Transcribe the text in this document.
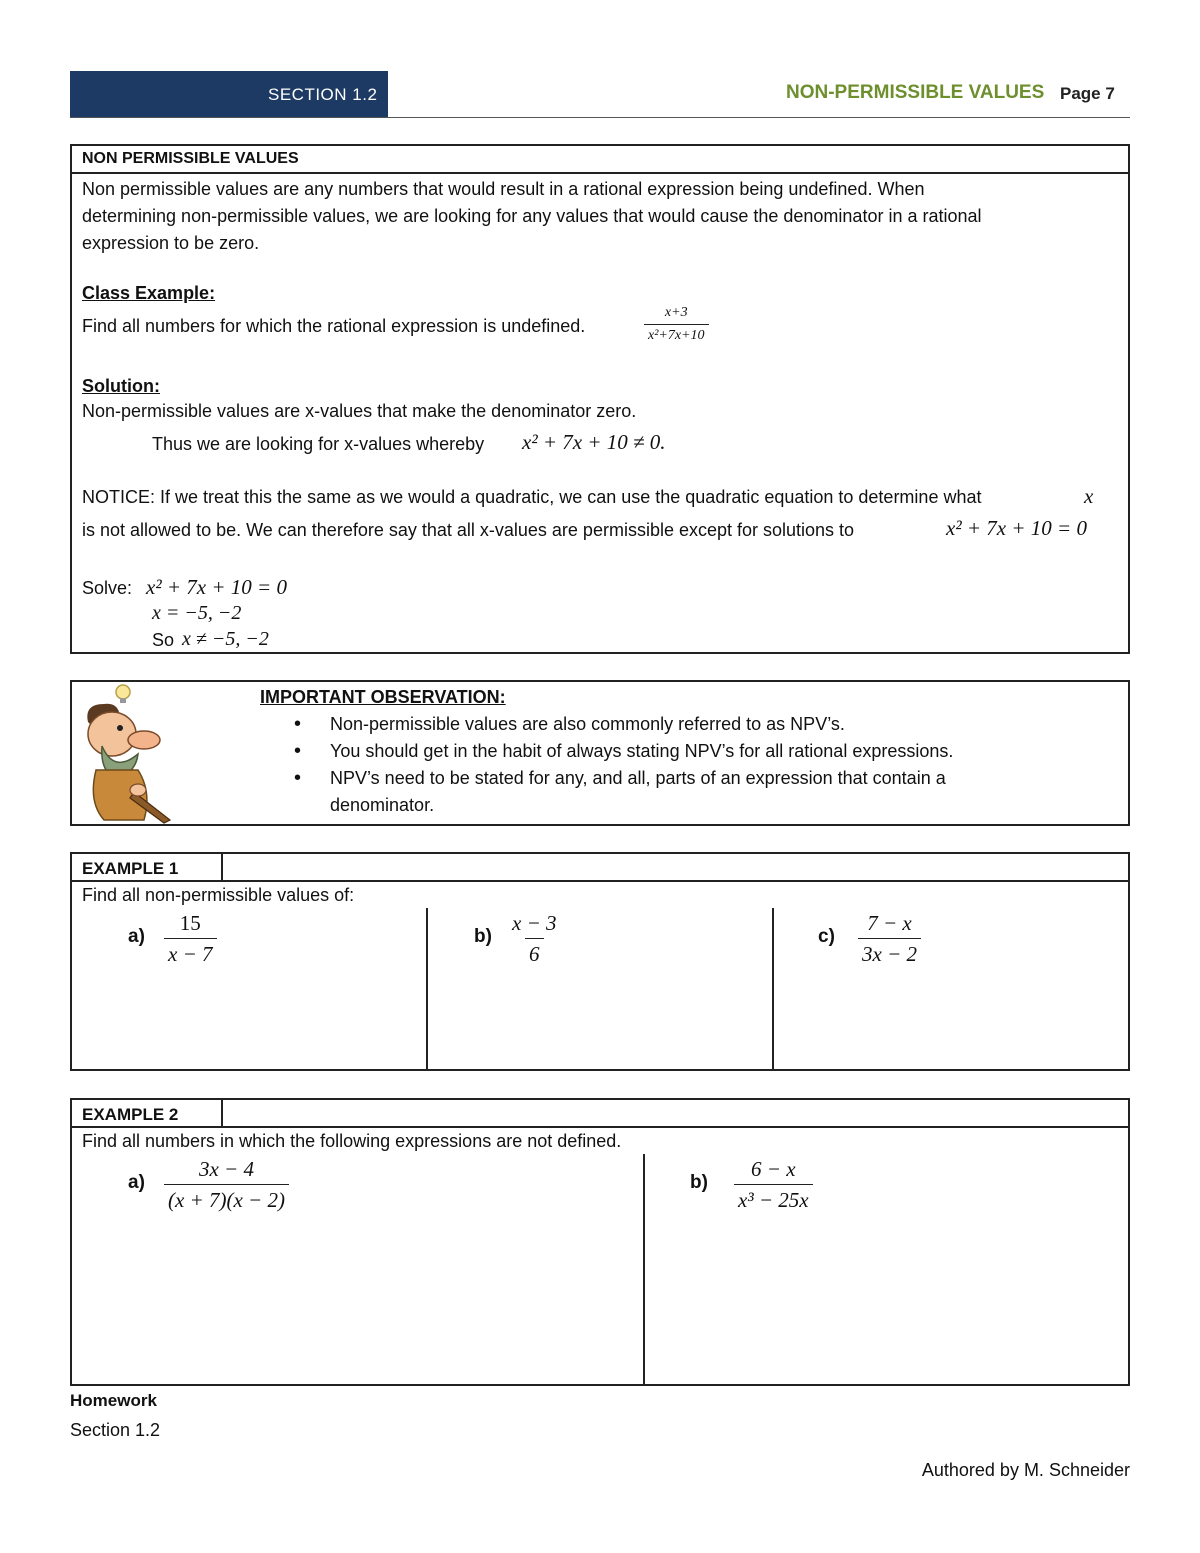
SECTION 1.2	NON-PERMISSIBLE VALUES Page 7
NON PERMISSIBLE VALUES
Non permissible values are any numbers that would result in a rational expression being undefined. When
determining non-permissible values, we are looking for any values that would cause the denominator in a rational
expression to be zero.
Class Example:
Find all numbers for which the rational expression is undefined.	$\frac{x+3}{\text{x²+7x+10}}$
Solution:
Non-permissible values are x-values that make the denominator zero.
Thus we are looking for x-values whereby x² + 7x + 10 ≠ 0.
NOTICE: If we treat this the same as we would a quadratic, we can use the quadratic equation to determine what	x
is not allowed to be. We can therefore say that all x-values are permissible except for solutions to	x² + 7x + 10 = 0
Solve: x² + 7x + 10 = 0
x = −5, −2
So x ≠ −5, −2
IMPORTANT OBSERVATION:
• Non-permissible values are also commonly referred to as NPV’s.
• You should get in the habit of always stating NPV’s for all rational expressions.
• NPV’s need to be stated for any, and all, parts of an expression that contain a
denominator.
EXAMPLE 1
Find all non-permissible values of:
$a) \frac{15}{x - 7}$	$b) \frac{x - 3}{6}$	$c) \frac{7 - x}{3x - 2}$
EXAMPLE 2
Find all numbers in which the following expressions are not defined.
$a) \frac{3x - 4}{(x + 7)(x - 2)}$	$b) \frac{6 - x}{\text{x³ − 25x}}$
Homework
Section 1.2
Authored by M. Schneider
